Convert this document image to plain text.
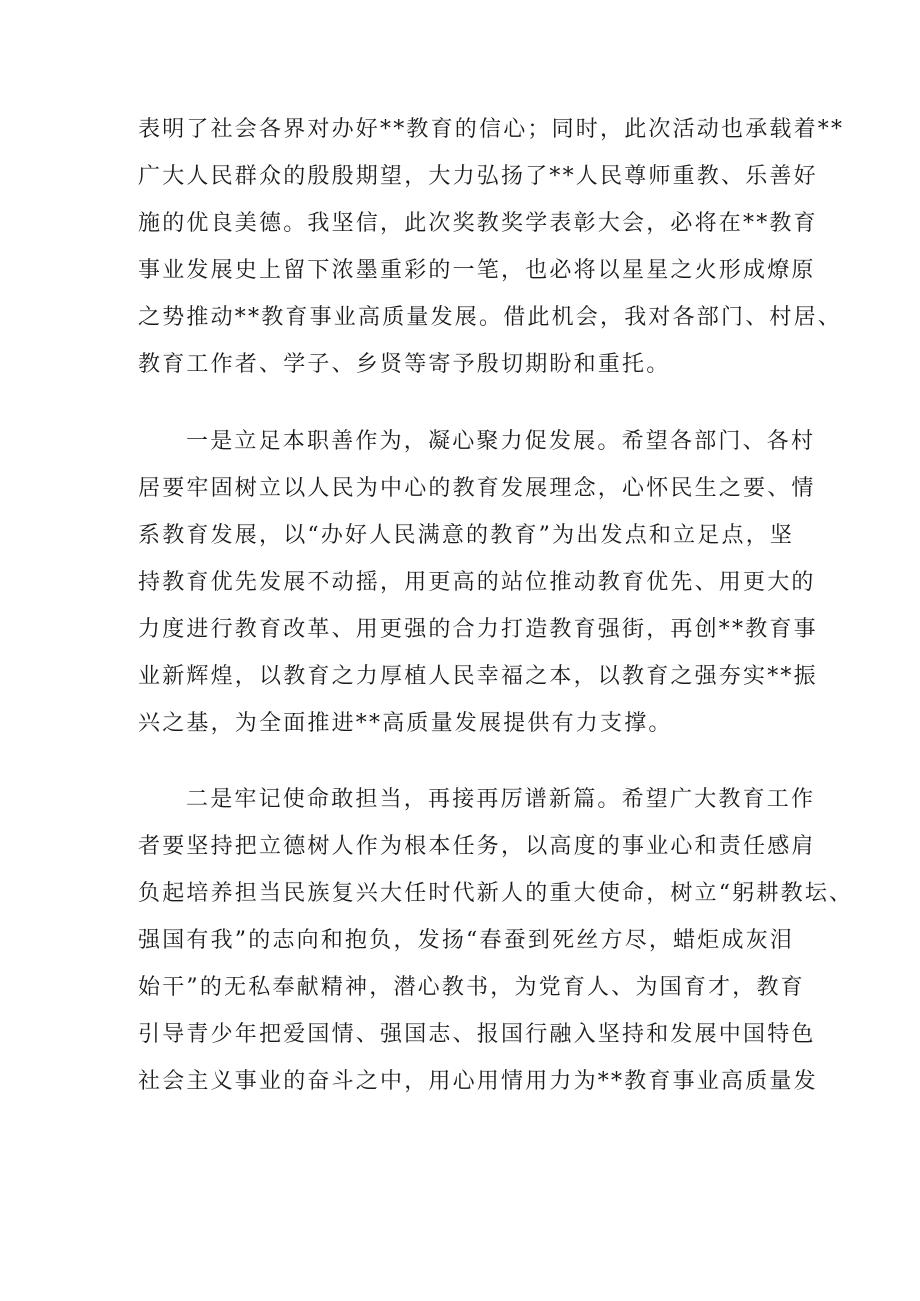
表明了社会各界对办好**教育的信心；同时，此次活动也承载着**
广大人民群众的殷殷期望，大力弘扬了**人民尊师重教、乐善好
施的优良美德。我坚信，此次奖教奖学表彰大会，必将在**教育
事业发展史上留下浓墨重彩的一笔，也必将以星星之火形成燎原
之势推动**教育事业高质量发展。借此机会，我对各部门、村居、
教育工作者、学子、乡贤等寄予殷切期盼和重托。
一是立足本职善作为，凝心聚力促发展。希望各部门、各村
居要牢固树立以人民为中心的教育发展理念，心怀民生之要、情
系教育发展，以“办好人民满意的教育”为出发点和立足点，坚
持教育优先发展不动摇，用更高的站位推动教育优先、用更大的
力度进行教育改革、用更强的合力打造教育强街，再创**教育事
业新辉煌，以教育之力厚植人民幸福之本，以教育之强夯实**振
兴之基，为全面推进**高质量发展提供有力支撑。
二是牢记使命敢担当，再接再厉谱新篇。希望广大教育工作
者要坚持把立德树人作为根本任务，以高度的事业心和责任感肩
负起培养担当民族复兴大任时代新人的重大使命，树立“躬耕教坛、
强国有我”的志向和抱负，发扬“春蚕到死丝方尽，蜡炬成灰泪
始干”的无私奉献精神，潜心教书，为党育人、为国育才，教育
引导青少年把爱国情、强国志、报国行融入坚持和发展中国特色
社会主义事业的奋斗之中，用心用情用力为**教育事业高质量发
